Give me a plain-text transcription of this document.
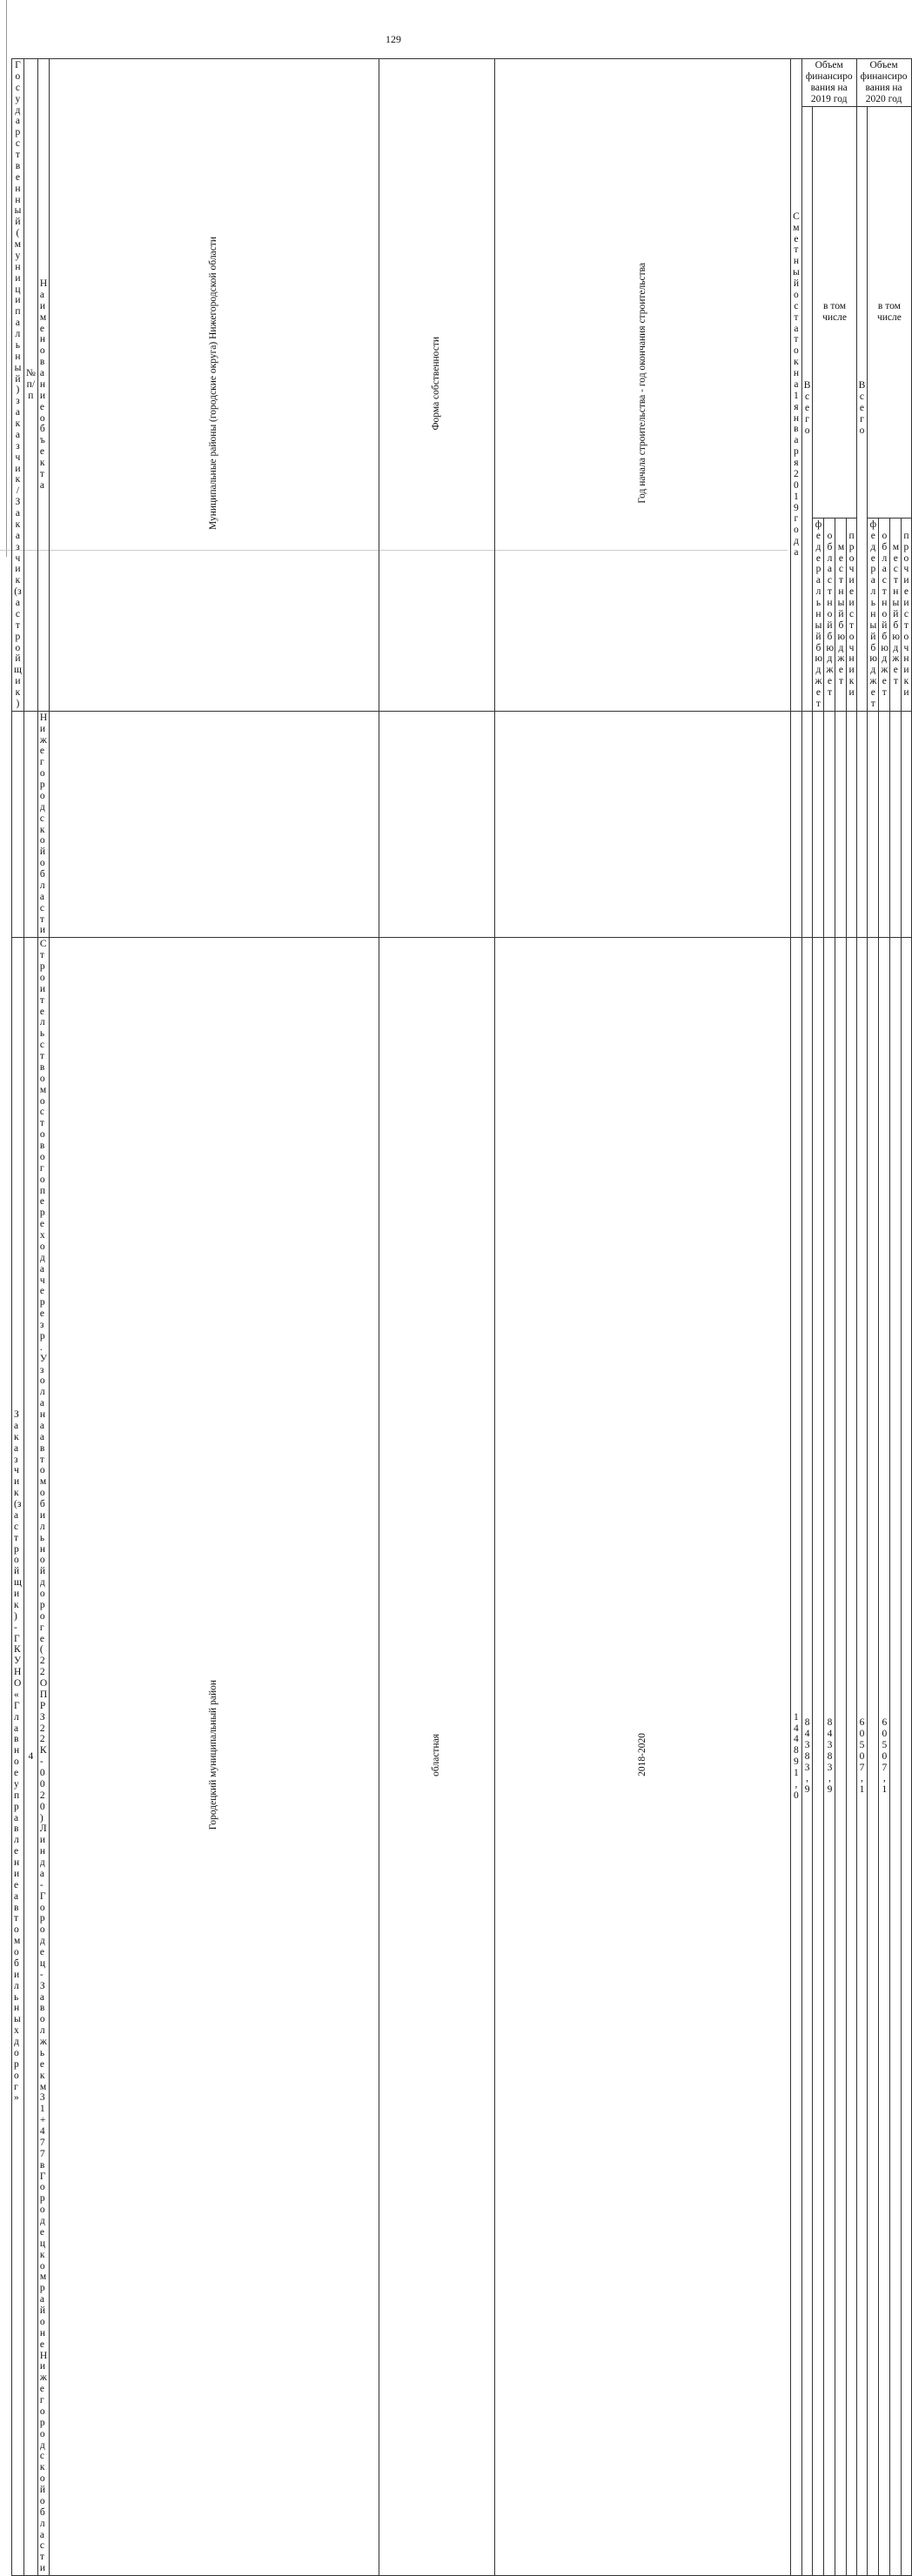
129
Госуда рст венный (муниц ипальн ый) заказчи к / Заказч ик (застро йщик)	№ п/п	Наименование объекта	Муниципальные районы (городские округа) Нижегородской области	Форма собственности	Год начала строительства - год окончания строительства	Смет ный остат ок на 1 январ я 2019 года	Объем финансирования на 2019 год					Объем финансирования на 2020 год				
							Всего	в том числе				Всего	в том числе			
								федер альны й бюдж ет	област ной бюдже т	местны й бюдже т	проч ие исто чник и		федера льный бюдже т	областн ой бюджет	мест ный бюд жет	проч ие исто чник и
		Нижегородско й области														
Заказч ик (застро йщик) - ГКУ НО «Главн ое управл ение автомо бильны х дорог»	4	Строительство мостового перехода через р.Узола на автомобильной дороге (22 ОП РЗ 22К-0020) Линда-Городец-Заволжье км 31+477 в Городецком районе Нижегородской области	Городецкий муниципальный район	областная	2018-2020	144 891,0	84 383,9		84 383,9			60 507,1		60 507,1		
